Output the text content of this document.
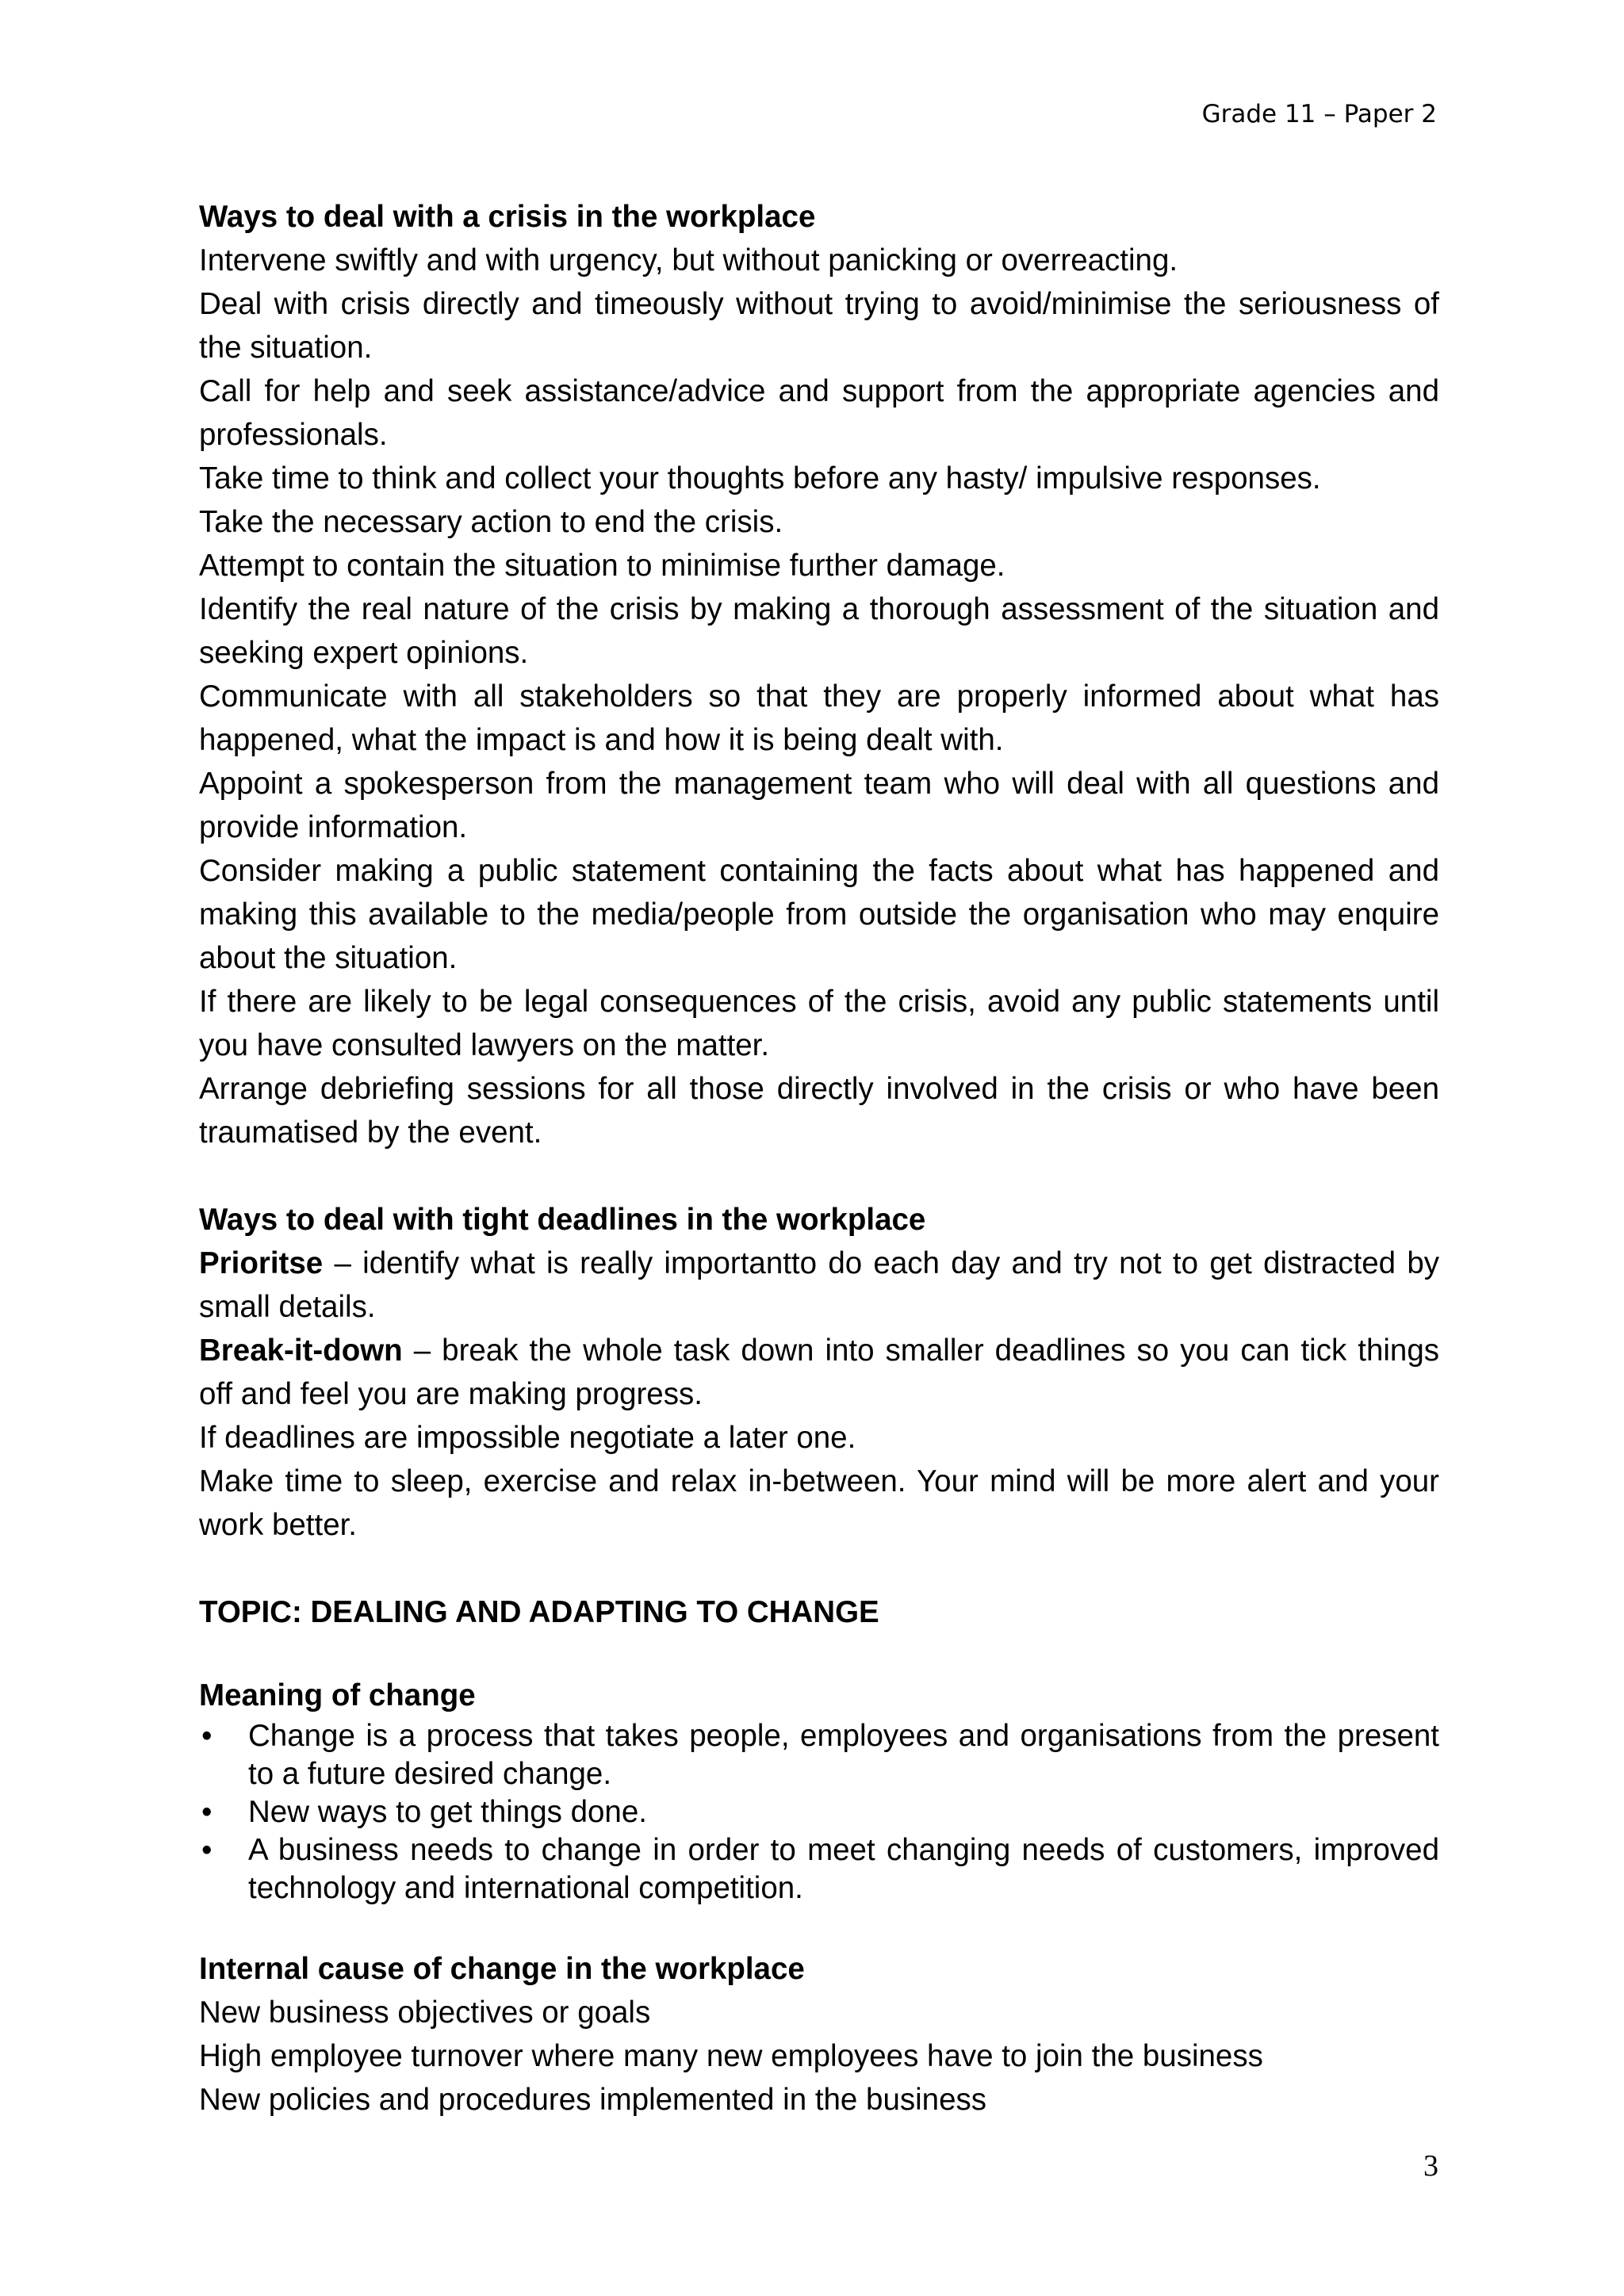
Grade 11 – Paper 2

Ways to deal with a crisis in the workplace

Intervene swiftly and with urgency, but without panicking or overreacting.

Deal with crisis directly and timeously without trying to avoid/minimise the seriousness of the situation.

Call for help and seek assistance/advice and support from the appropriate agencies and professionals.

Take time to think and collect your thoughts before any hasty/ impulsive responses.

Take the necessary action to end the crisis.

Attempt to contain the situation to minimise further damage.

Identify the real nature of the crisis by making a thorough assessment of the situation and seeking expert opinions.

Communicate with all stakeholders so that they are properly informed about what has happened, what the impact is and how it is being dealt with.

Appoint a spokesperson from the management team who will deal with all questions and provide information.

Consider making a public statement containing the facts about what has happened and making this available to the media/people from outside the organisation who may enquire about the situation.

If there are likely to be legal consequences of the crisis, avoid any public statements until you have consulted lawyers on the matter.

Arrange debriefing sessions for all those directly involved in the crisis or who have been traumatised by the event.

Ways to deal with tight deadlines in the workplace

Prioritse – identify what is really importantto do each day and try not to get distracted by small details.

Break-it-down – break the whole task down into smaller deadlines so you can tick things off and feel you are making progress.

If deadlines are impossible negotiate a later one.

Make time to sleep, exercise and relax in-between. Your mind will be more alert and your work better.

TOPIC: DEALING AND ADAPTING TO CHANGE

Meaning of change

• Change is a process that takes people, employees and organisations from the present to a future desired change.
• New ways to get things done.
• A business needs to change in order to meet changing needs of customers, improved technology and international competition.

Internal cause of change in the workplace

New business objectives or goals

High employee turnover where many new employees have to join the business

New policies and procedures implemented in the business

3
